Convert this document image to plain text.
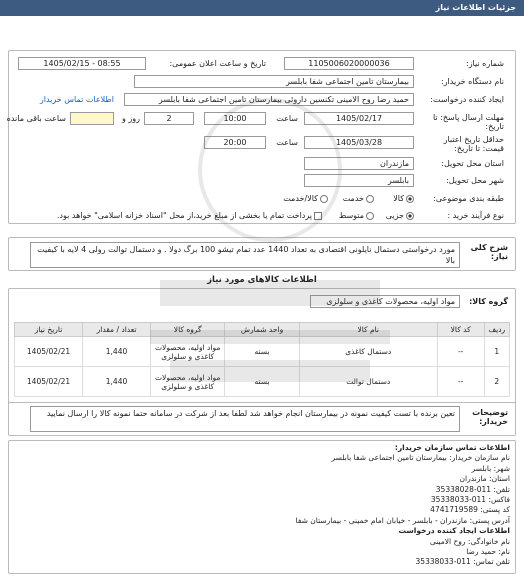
جزئیات اطلاعات نیاز
شماره نیاز:
1105006020000036
تاریخ و ساعت اعلان عمومی:
1405/02/15 - 08:55
نام دستگاه خریدار:
بیمارستان تامین اجتماعی شفا بابلسر
ایجاد کننده درخواست:
حمید رضا روح الامینی تکنسین داروئی بیمارستان تامین اجتماعی شفا بابلسر
اطلاعات تماس خریدار
مهلت ارسال پاسخ: تا
تاریخ:
1405/02/17
ساعت
10:00
2
روز و
ساعت باقی مانده
حداقل تاریخ اعتبار
قیمت: تا تاریخ:
1405/03/28
ساعت
20:00
استان محل تحویل:
مازندران
شهر محل تحویل:
بابلسر
طبقه بندی موضوعی:
کالا
خدمت
کالا/خدمت
نوع فرآیند خرید :
جزیی
متوسط
پرداخت تمام یا بخشی از مبلغ خرید،از محل "اسناد خزانه اسلامی" خواهد بود.
شرح کلی نیاز:
مورد درخواستی دستمال نایلونی اقتصادی به تعداد 1440 عدد تمام تیشو 100 برگ دولا . و دستمال توالت رولی 4 لایه با کیفیت بالا
اطلاعات کالاهای مورد نیاز
گروه کالا:
مواد اولیه، محصولات کاغذی و سلولزی
ردیف	کد کالا	نام کالا	واحد شمارش	گروه کالا	تعداد / مقدار	تاریخ نیاز
1	--	دستمال کاغذی	بسته	مواد اولیه، محصولات کاغذی و سلولزی	1,440	1405/02/21
2	--	دستمال توالت	بسته	مواد اولیه، محصولات کاغذی و سلولزی	1,440	1405/02/21
توضیحات خریدار:
تعین برنده با تست کیفیت نمونه در بیمارستان انجام خواهد شد لطفا بعد از شرکت در سامانه حتما نمونه کالا را ارسال نمایید
اطلاعات تماس سازمان خریدار:
نام سازمان خریدار: بیمارستان تامین اجتماعی شفا بابلسر
شهر: بابلسر
استان: مازندران
تلفن: 011-35338028
فاکس: 011-35338033
کد پستی: 4741719589
آدرس پستی: مازندران - بابلسر - خیابان امام خمینی - بیمارستان شفا
اطلاعات ایجاد کننده درخواست
نام خانوادگی: روح الامینی
نام: حمید رضا
تلفن تماس: 011-35338033
